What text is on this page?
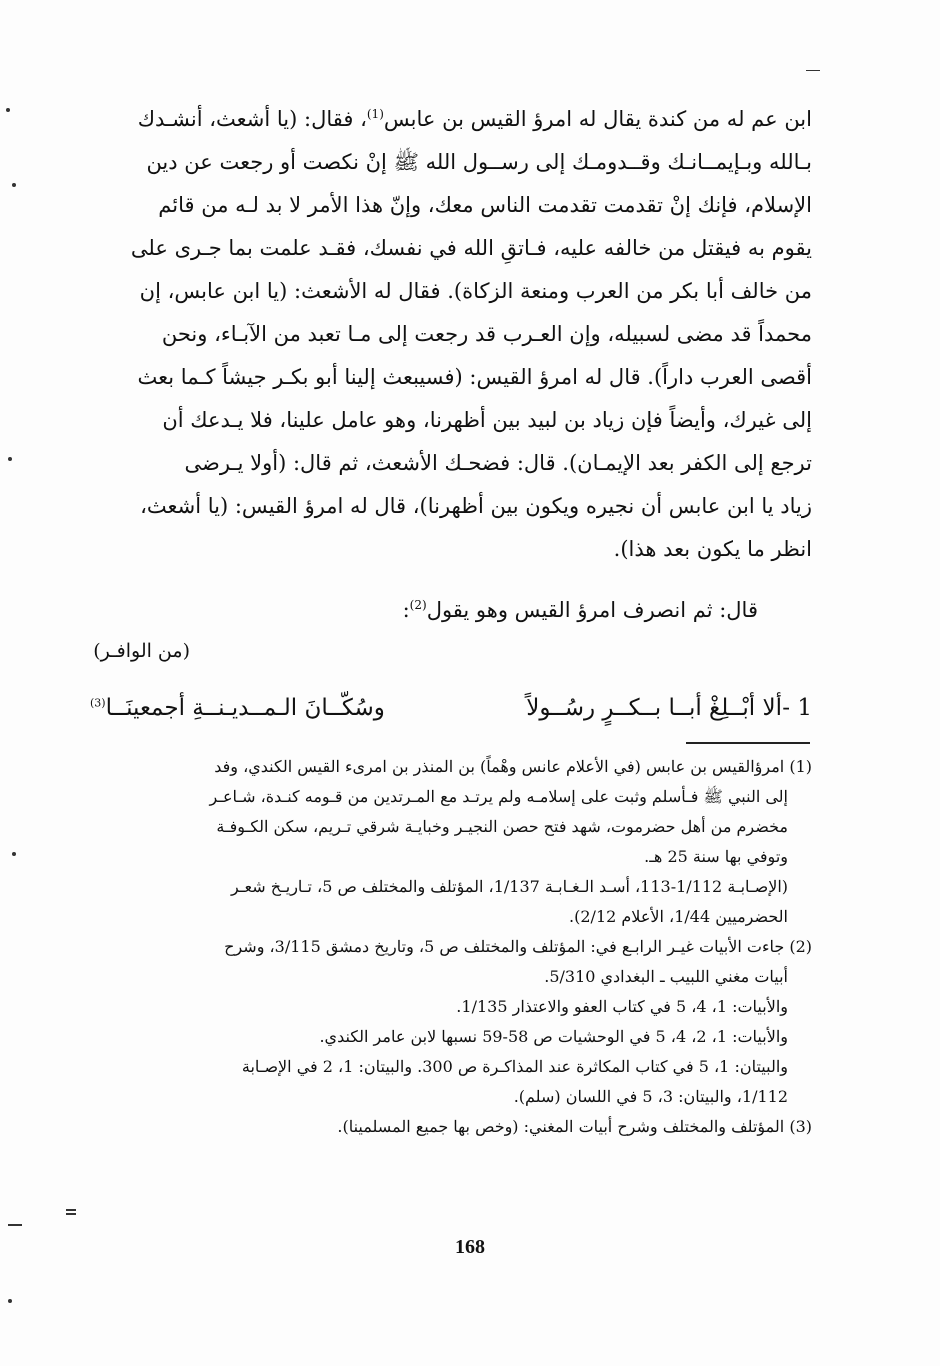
ابن عم له من كندة يقال له امرؤ القيس بن عابس$^{(1)}$، فقال: (يا أشعث، أنشـدك
بـالله وبـإيمــانـك وقــدومـك إلى رســول الله ﷺ إنْ نكصت أو رجعت عن دين
الإسلام، فإنك إنْ تقدمت تقدمت الناس معك، وإنّ هذا الأمر لا بد لـه من قائم
يقوم به فيقتل من خالفه عليه، فـاتقِ الله في نفسك، فقـد علمت بما جـرى على
من خالف أبا بكر من العرب ومنعة الزكاة). فقال له الأشعث: (يا ابن عابس، إن
محمداً قد مضى لسبيله، وإن العـرب قد رجعت إلى مـا تعبد من الآبـاء، ونحن
أقصى العرب داراً). قال له امرؤ القيس: (فسيبعث إلينا أبو بكـر جيشاً كـما بعث
إلى غيرك، وأيضاً فإن زياد بن لبيد بين أظهرنا، وهو عامل علينا، فلا يـدعك أن
ترجع إلى الكفر بعد الإيمـان). قال: فضحـك الأشعث، ثم قال: (أولا يـرضى
زياد يا ابن عابس أن نجيره ويكون بين أظهرنا)، قال له امرؤ القيس: (يا أشعث،
انظر ما يكون بعد هذا).
قال: ثم انصرف امرؤ القيس وهو يقول$^{(2)}$:
(من الوافـر)
1 -
ألا أبْــلِغْ أبــا بــكــرٍ رسُــولاً
وسُكّــانَ الـمــديـنــةِ أجمعينَــا$^{(3)}$
(1) امرؤالقيس بن عابس (في الأعلام عانس وهْماً) بن المنذر بن امرىء القيس الكندي، وفد
إلى النبي ﷺ فـأسلم وثبت على إسلامـه ولم يرتـد مع المـرتدين من قـومه كنـدة، شـاعـر
مخضرم من أهل حضرموت، شهد فتح حصن النجيـر وخبايـة شرقي تـريم، سكن الكـوفـة
وتوفي بها سنة 25 هـ.
(الإصـابـة 1/112-113، أسـد الـغـابـة 1/137، المؤتلف والمختلف ص 5، تـاريـخ شعـر
الحضرميين 1/44، الأعلام 2/12).
(2) جاءت الأبيات غيـر الرابـع في: المؤتلف والمختلف ص 5، وتاريخ دمشق 3/115، وشرح
أبيات مغني اللبيب ـ البغدادي 5/310.
والأبيات: 1، 4، 5 في كتاب العفو والاعتذار 1/135.
والأبيات: 1، 2، 4، 5 في الوحشيات ص 58-59 نسبها لابن عامر الكندي.
والبيتان: 1، 5 في كتاب المكاثرة عند المذاكـرة ص 300. والبيتان: 1، 2 في الإصـابة
1/112، والبيتان: 3، 5 في اللسان (سلم).
(3) المؤتلف والمختلف وشرح أبيات المغني: (وخص بها جميع المسلمينا).
168
